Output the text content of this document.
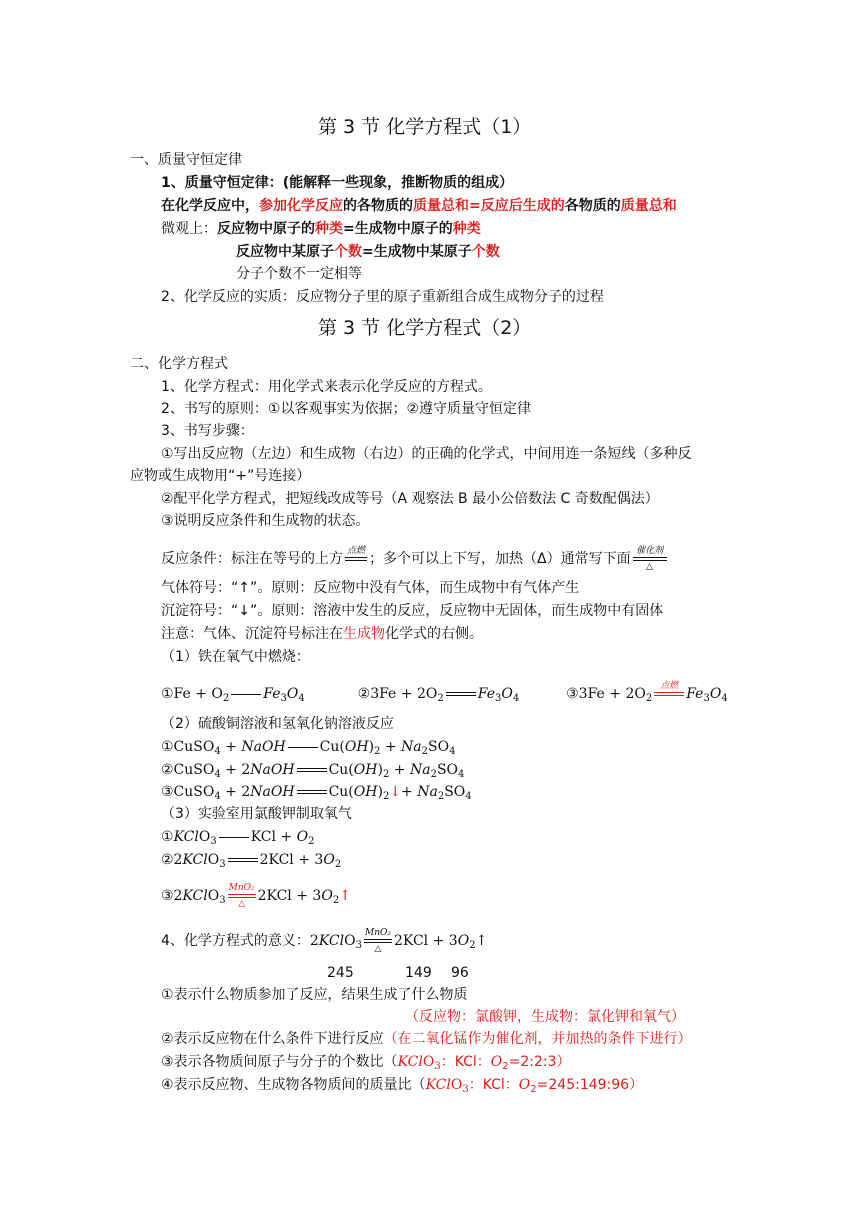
第 3 节 化学方程式（1）
一、质量守恒定律
1、质量守恒定律：(能解释一些现象，推断物质的组成）
在化学反应中，参加化学反应的各物质的质量总和=反应后生成的各物质的质量总和
微观上：反应物中原子的种类=生成物中原子的种类
反应物中某原子个数=生成物中某原子个数
分子个数不一定相等
2、化学反应的实质：反应物分子里的原子重新组合成生成物分子的过程
第 3 节 化学方程式（2）
二、化学方程式
1、化学方程式：用化学式来表示化学反应的方程式。
2、书写的原则：①以客观事实为依据；②遵守质量守恒定律
3、书写步骤：
①写出反应物（左边）和生成物（右边）的正确的化学式，中间用连一条短线（多种反
应物或生成物用“+”号连接）
②配平化学方程式，把短线改成等号（A 观察法 B 最小公倍数法 C 奇数配偶法）
③说明反应条件和生成物的状态。
反应条件：标注在等号的上方 点燃 ；多个可以上下写，加热（Δ）通常写下面 催化剂
△
气体符号：“↑”。原则：反应物中没有气体，而生成物中有气体产生
沉淀符号：“↓”。原则：溶液中发生的反应，反应物中无固体，而生成物中有固体
注意：气体、沉淀符号标注在生成物化学式的右侧。
（1）铁在氧气中燃烧：
①Fe + $O_2$ $Fe_3O_4$	②3Fe + $2O_2$ $Fe_3O_4$	③3Fe + $2O_2$
点燃 $Fe_3O_4$
（2）硫酸铜溶液和氢氧化钠溶液反应
①CuSO$_4$ + NaOH $Cu(OH)_2 + Na_2SO_4$
②CuSO$_4$ + 2NaOH $Cu(OH)_2 + Na_2SO_4$
③CuSO$_4$ + 2NaOH $Cu(OH)_2↓+ Na_2SO_4$
（3）实验室用氯酸钾制取氧气
①KClO$_3$ KCl + $O_2$
②2KClO$_3$ $2KCl + 3O_2$
③2KClO$_3$
MnO₂
△ $2KCl + 3O_2↑$
4、化学方程式的意义：2KClO$_3$
MnO₂
△ $2KCl + 3O_2↑$
245	149 96
①表示什么物质参加了反应，结果生成了什么物质
（反应物：氯酸钾，生成物：氯化钾和氧气）
②表示反应物在什么条件下进行反应（在二氧化锰作为催化剂，并加热的条件下进行）
③表示各物质间原子与分子的个数比（KClO$_3$：KCl：$O_2=2:2:3$）
④表示反应物、生成物各物质间的质量比（KClO$_3$：KCl：$O_2=245:149:96$）
